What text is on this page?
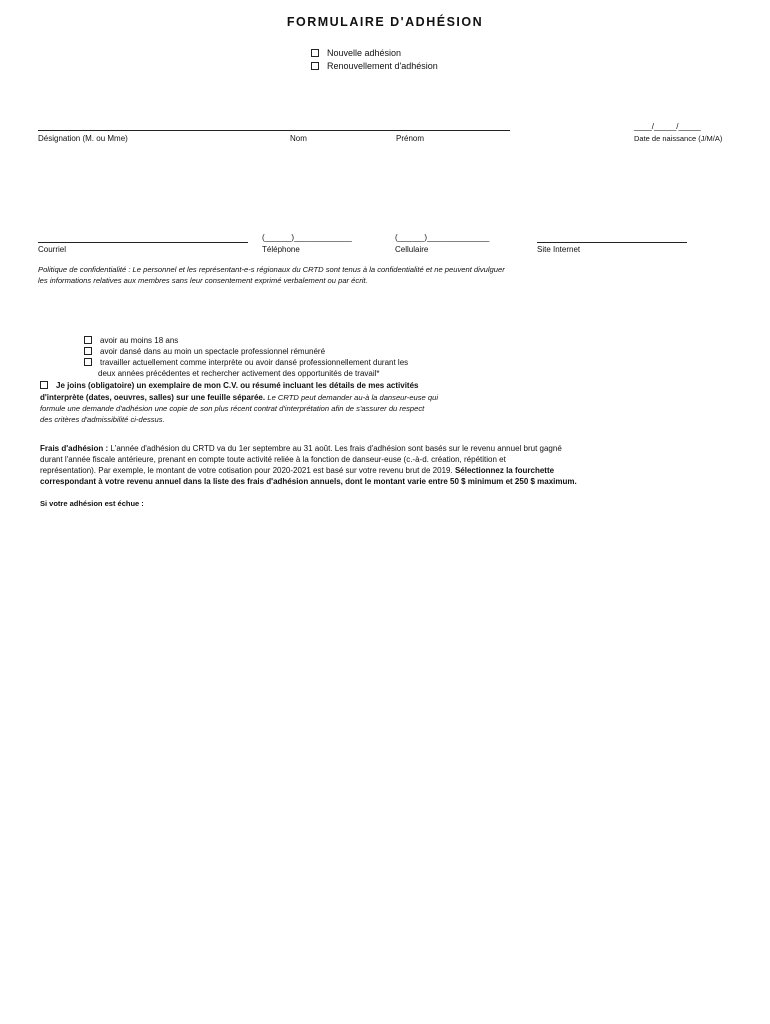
FORMULAIRE D'ADHÉSION
Nouvelle adhésion
Renouvellement d'adhésion
Désignation (M. ou Mme)	Nom	Prénom
____/_____/_____
Date de naissance (J/M/A)
Courriel
(______)_____________
Téléphone
(______)______________
Cellulaire	Site Internet
Politique de confidentialité : Le personnel et les représentant-e-s régionaux du CRTD sont tenus à la confidentialité et ne peuvent divulguer
les informations relatives aux membres sans leur consentement exprimé verbalement ou par écrit.
avoir au moins 18 ans
avoir dansé dans au moin un spectacle professionnel rémunéré
travailler actuellement comme interprète ou avoir dansé professionnellement durant les
deux années précédentes et rechercher activement des opportunités de travail*
Je joins (obligatoire) un exemplaire de mon C.V. ou résumé incluant les détails de mes activités
d'interprète (dates, oeuvres, salles) sur une feuille séparée. Le CRTD peut demander au-à la danseur-euse qui
formule une demande d'adhésion une copie de son plus récent contrat d'interprétation afin de s'assurer du respect
des critères d'admissibilité ci-dessus.
Frais d'adhésion : L'année d'adhésion du CRTD va du 1er septembre au 31 août. Les frais d'adhésion sont basés sur le revenu annuel brut gagné
durant l'année fiscale antérieure, prenant en compte toute activité reliée à la fonction de danseur-euse (c.-à-d. création, répétition et
représentation). Par exemple, le montant de votre cotisation pour 2020-2021 est basé sur votre revenu brut de 2019. Sélectionnez la fourchette
correspondant à votre revenu annuel dans la liste des frais d'adhésion annuels, dont le montant varie entre 50 $ minimum et 250 $ maximum.
Si votre adhésion est échue :
